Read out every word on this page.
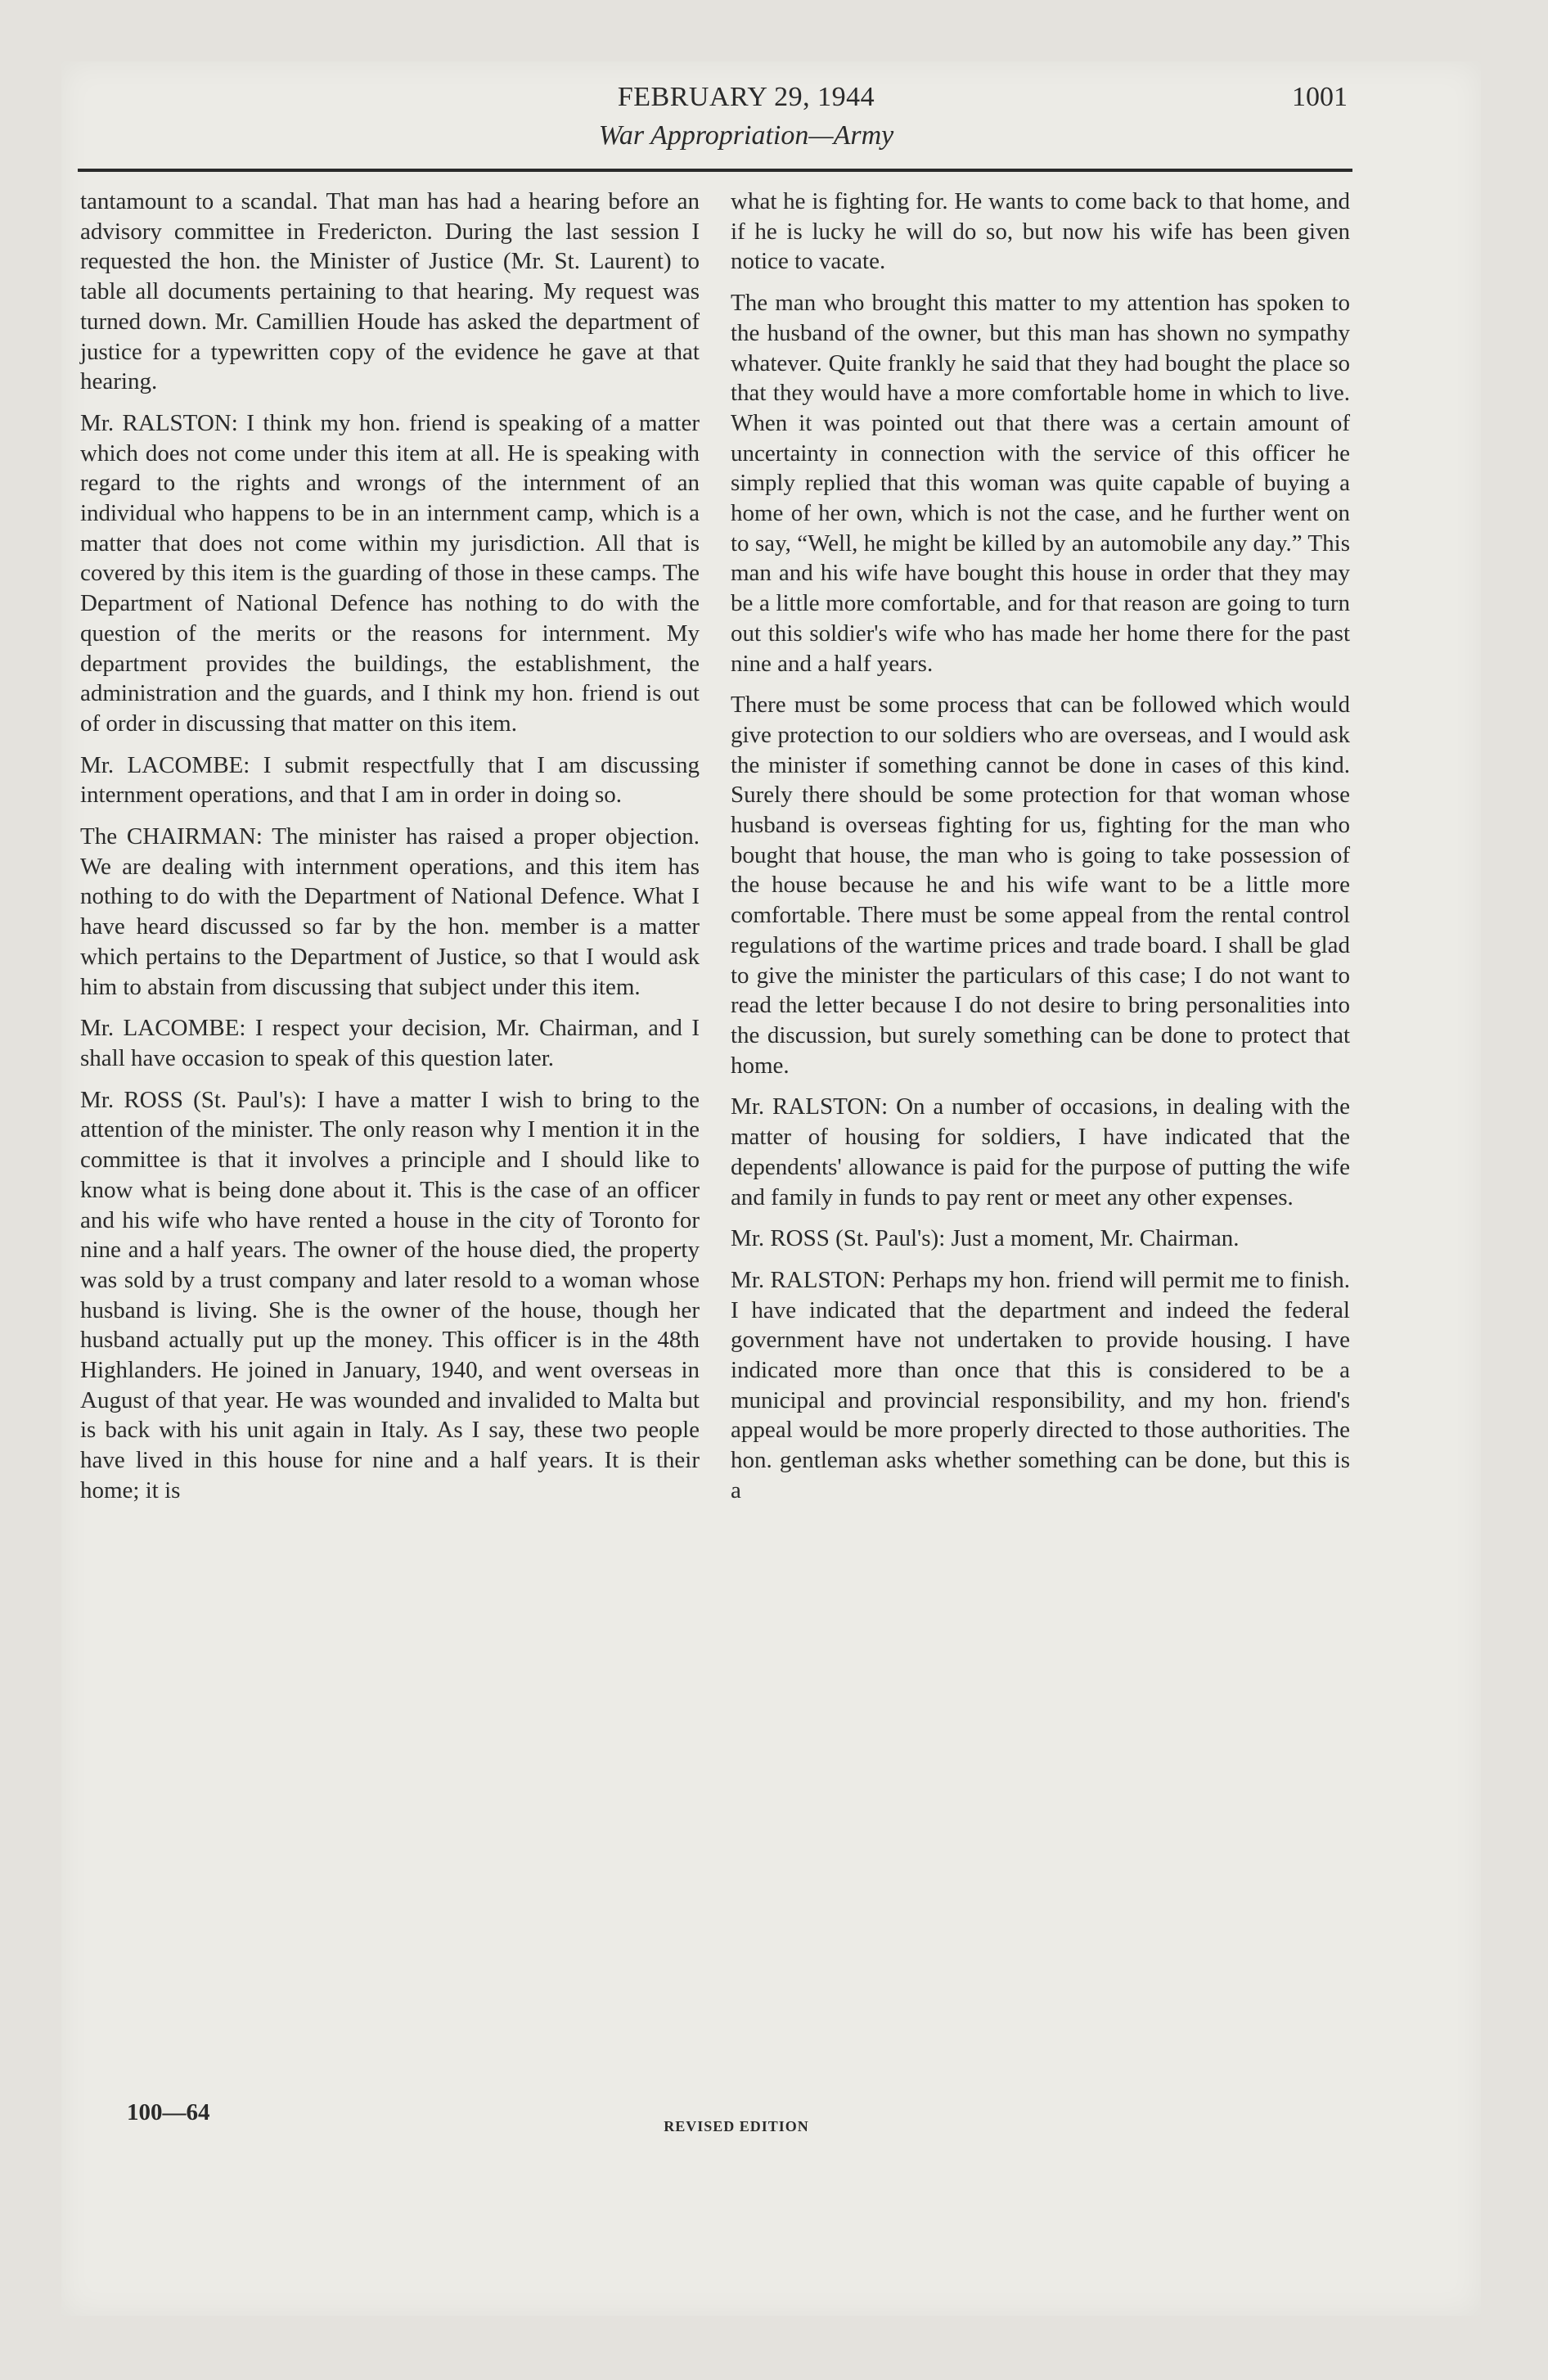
FEBRUARY 29, 1944	1001
War Appropriation—Army

tantamount to a scandal. That man has had a hearing before an advisory committee in Fredericton. During the last session I requested the hon. the Minister of Justice (Mr. St. Laurent) to table all documents pertaining to that hearing. My request was turned down. Mr. Camillien Houde has asked the department of justice for a typewritten copy of the evidence he gave at that hearing.

Mr. RALSTON: I think my hon. friend is speaking of a matter which does not come under this item at all. He is speaking with regard to the rights and wrongs of the internment of an individual who happens to be in an internment camp, which is a matter that does not come within my jurisdiction. All that is covered by this item is the guarding of those in these camps. The Department of National Defence has nothing to do with the question of the merits or the reasons for internment. My department provides the buildings, the establishment, the administration and the guards, and I think my hon. friend is out of order in discussing that matter on this item.

Mr. LACOMBE: I submit respectfully that I am discussing internment operations, and that I am in order in doing so.

The CHAIRMAN: The minister has raised a proper objection. We are dealing with internment operations, and this item has nothing to do with the Department of National Defence. What I have heard discussed so far by the hon. member is a matter which pertains to the Department of Justice, so that I would ask him to abstain from discussing that subject under this item.

Mr. LACOMBE: I respect your decision, Mr. Chairman, and I shall have occasion to speak of this question later.

Mr. ROSS (St. Paul's): I have a matter I wish to bring to the attention of the minister. The only reason why I mention it in the committee is that it involves a principle and I should like to know what is being done about it. This is the case of an officer and his wife who have rented a house in the city of Toronto for nine and a half years. The owner of the house died, the property was sold by a trust company and later resold to a woman whose husband is living. She is the owner of the house, though her husband actually put up the money. This officer is in the 48th Highlanders. He joined in January, 1940, and went overseas in August of that year. He was wounded and invalided to Malta but is back with his unit again in Italy. As I say, these two people have lived in this house for nine and a half years. It is their home; it is

what he is fighting for. He wants to come back to that home, and if he is lucky he will do so, but now his wife has been given notice to vacate.

The man who brought this matter to my attention has spoken to the husband of the owner, but this man has shown no sympathy whatever. Quite frankly he said that they had bought the place so that they would have a more comfortable home in which to live. When it was pointed out that there was a certain amount of uncertainty in connection with the service of this officer he simply replied that this woman was quite capable of buying a home of her own, which is not the case, and he further went on to say, “Well, he might be killed by an automobile any day.” This man and his wife have bought this house in order that they may be a little more comfortable, and for that reason are going to turn out this soldier's wife who has made her home there for the past nine and a half years.

There must be some process that can be followed which would give protection to our soldiers who are overseas, and I would ask the minister if something cannot be done in cases of this kind. Surely there should be some protection for that woman whose husband is overseas fighting for us, fighting for the man who bought that house, the man who is going to take possession of the house because he and his wife want to be a little more comfortable. There must be some appeal from the rental control regulations of the wartime prices and trade board. I shall be glad to give the minister the particulars of this case; I do not want to read the letter because I do not desire to bring personalities into the discussion, but surely something can be done to protect that home.

Mr. RALSTON: On a number of occasions, in dealing with the matter of housing for soldiers, I have indicated that the dependents' allowance is paid for the purpose of putting the wife and family in funds to pay rent or meet any other expenses.

Mr. ROSS (St. Paul's): Just a moment, Mr. Chairman.

Mr. RALSTON: Perhaps my hon. friend will permit me to finish. I have indicated that the department and indeed the federal government have not undertaken to provide housing. I have indicated more than once that this is considered to be a municipal and provincial responsibility, and my hon. friend's appeal would be more properly directed to those authorities. The hon. gentleman asks whether something can be done, but this is a

100—64
REVISED EDITION
